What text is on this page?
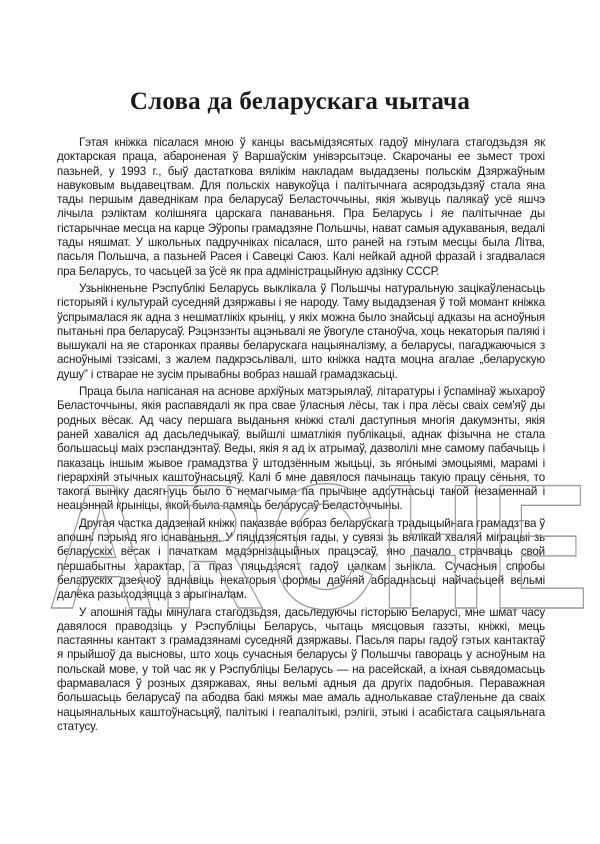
Слова да беларускага чытача

Гэтая кніжка пісалася мною ў канцы васьмідзясятых гадоў мінулага стагодзьдзя як доктарская праца, абароненая ў Варшаўскім унівэрсытэце. Скарочаны ее зьмест трохі пазьней, у 1993 г., быў дастаткова вялікім накладам выдадзены польскім Дзяржаўным навуковым выдавецтвам. Для польскіх навукоўца і палітычнага асяродзьдзяў стала яна тады першым даведнікам пра беларусаў Беласточчыны, якія жывуць палякаў усё яшчэ лічыла рэліктам колішняга царскага панаваньня. Пра Беларусь і яе палітычнае ды гістарычнае месца на карце Эўропы грамадзяне Польшчы, нават самыя адукаваныя, ведалі тады няшмат. У школьных падручніках пісалася, што раней на гэтым месцы была Літва, пасьля Польшча, а пазьней Расея і Савецкі Саюз. Калі нейкай адной фразай і згадвалася пра Беларусь, то часьцей за ўсё як пра адміністрацыйную адзінку СССР.

Узьнікненьне Рэспублікі Беларусь выклікала ў Польшчы натуральную зацікаўленасьць гісторыяй і культурай суседняй дзяржавы і яе народу. Таму выдадзеная ў той момант кніжка ўспрымалася як адна з нешматлікіх крыніц, у якіх можна было знайсьці адказы на асноўныя пытаньні пра беларусаў. Рэцэнзэнты ацэньвалі яе ўвогуле станоўча, хоць некаторыя палякі і вышукалі на яе старонках праявы беларускага нацыяналізму, а беларусы, пагаджаючыся з асноўнымі тэзісамі, з жалем падкрэсьлівалі, што кніжка надта моцна агалае „беларускую душу” і стварае не зусім прывабны вобраз нашай грамадзкасьці.

Праца была напісаная на аснове архіўных матэрыялаў, літаратуры і ўспамінаў жыхароў Беласточчыны, якія распавядалі як пра свае ўласныя лёсы, так і пра лёсы сваіх сем'яў ды родных вёсак. Ад часу першага выданьня кніжкі сталі даступныя многія дакумэнты, якія раней хаваліся ад дасьледчыкаў, выйшлі шматлікія публікацыі, аднак фізычна не стала большасьці маіх рэспандэнтаў. Веды, якія я ад іх атрымаў, дазволілі мне самому пабачыць і паказаць іншым жывое грамадзтва ў штодзённым жыцьці, зь яго́нымі эмоцыямі, марамі і гіерархіяй этычных каштоўнасьцяў. Калі б мне давялося пачынаць такую працу сёньня, то такога выніку дасягнуць было б немагчыма па прычыне адсутнасьці такой незаменнай і неацэннай крыніцы, якой была памяць беларусаў Беласточчыны.

Другая частка дадзенай кніжкі паказвае вобраз беларускага традыцыйнага грамадзтва ў апошні пэрыяд яго існаваньня. У пяцідзясятыя гады, у сувязі зь вялікай хваляй міграцыі зь беларускіх вёсак і пачаткам мадэрнізацыйных працэсаў, яно пачало страчваць свой першабытны характар, а праз пяцьдзясят гадоў цалкам зьнікла. Сучасныя спробы беларускіх дзеячоў адна́віць некаторыя формы даўняй абраднасьці найчасьцей вельмі далёка разыходзяцца з арыгіналам.

У апошнія гады мінулага стагодзьдзя, дасьледуючы гісторыю Беларусі, мне шмат часу давялося праводзіць у Рэспубліцы Беларусь, чытаць мясцовыя газэты, кніжкі, мець пастаянны кантакт з грамадзянамі суседняй дзяржавы. Пасьля пары гадоў гэтых кантактаў я прыйшоў да высновы, што хоць сучасныя беларусы ў Польшчы гавораць у асноўным на польскай мове, у той час як у Рэспубліцы Беларусь — на расейскай, а іхная сьвядомасьць фармавалася ў розных дзяржавах, яны вельмі адныя да другіх падобныя. Пераважная большасьць беларусаў па абодва бакі мяжы мае амаль аднолькавае стаўленьне да сваіх нацыянальных каштоўнасьцяў, палітыкі і геапалітыкі, рэлігіі, этыкі і асабістага сацыяльнага статусу.

ARCHE
